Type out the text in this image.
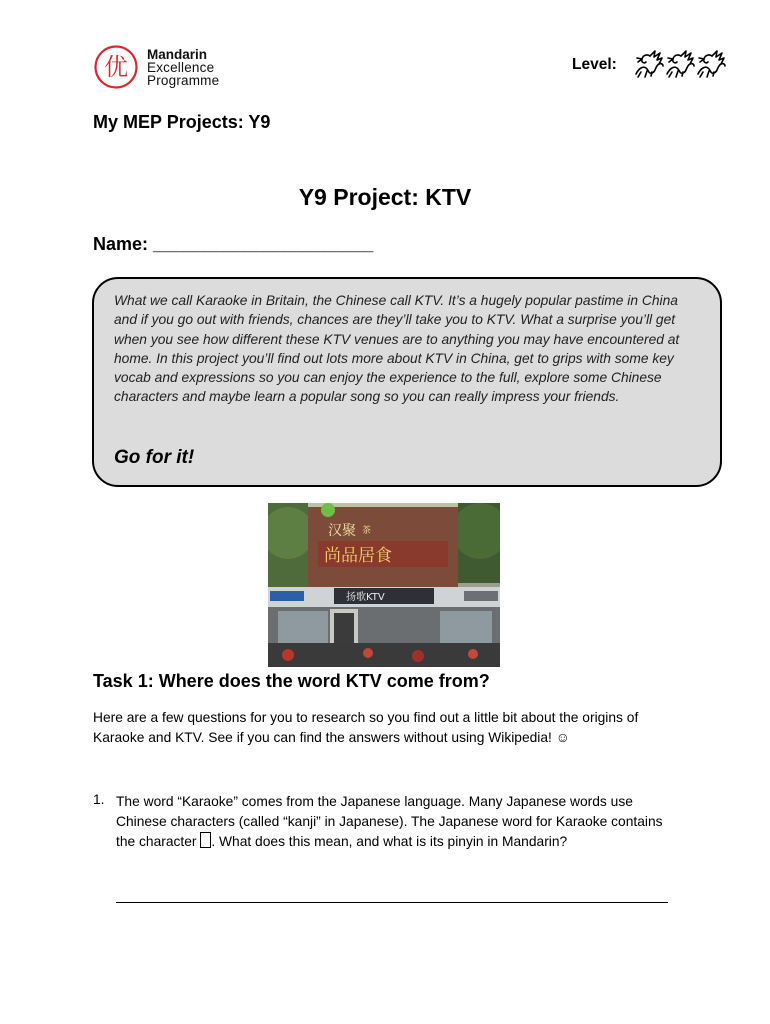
优 Mandarin
Excellence
Programme
Level:
My MEP Projects: Y9
Y9 Project: KTV
Name: ______________________
What we call Karaoke in Britain, the Chinese call KTV. It’s a hugely popular pastime in China and if you go out with friends, chances are they’ll take you to KTV. What a surprise you’ll get when you see how different these KTV venues are to anything you may have encountered at home. In this project you’ll find out lots more about KTV in China, get to grips with some key vocab and expressions so you can enjoy the experience to the full, explore some Chinese characters and maybe learn a popular song so you can really impress your friends.
Go for it!
汉聚 茶
尚品居食
扬歌KTV
Task 1: Where does the word KTV come from?
Here are a few questions for you to research so you find out a little bit about the origins of Karaoke and KTV. See if you can find the answers without using Wikipedia! ☺
1. The word “Karaoke” comes from the Japanese language. Many Japanese words use Chinese characters (called “kanji” in Japanese). The Japanese word for Karaoke contains the character . What does this mean, and what is its pinyin in Mandarin?
